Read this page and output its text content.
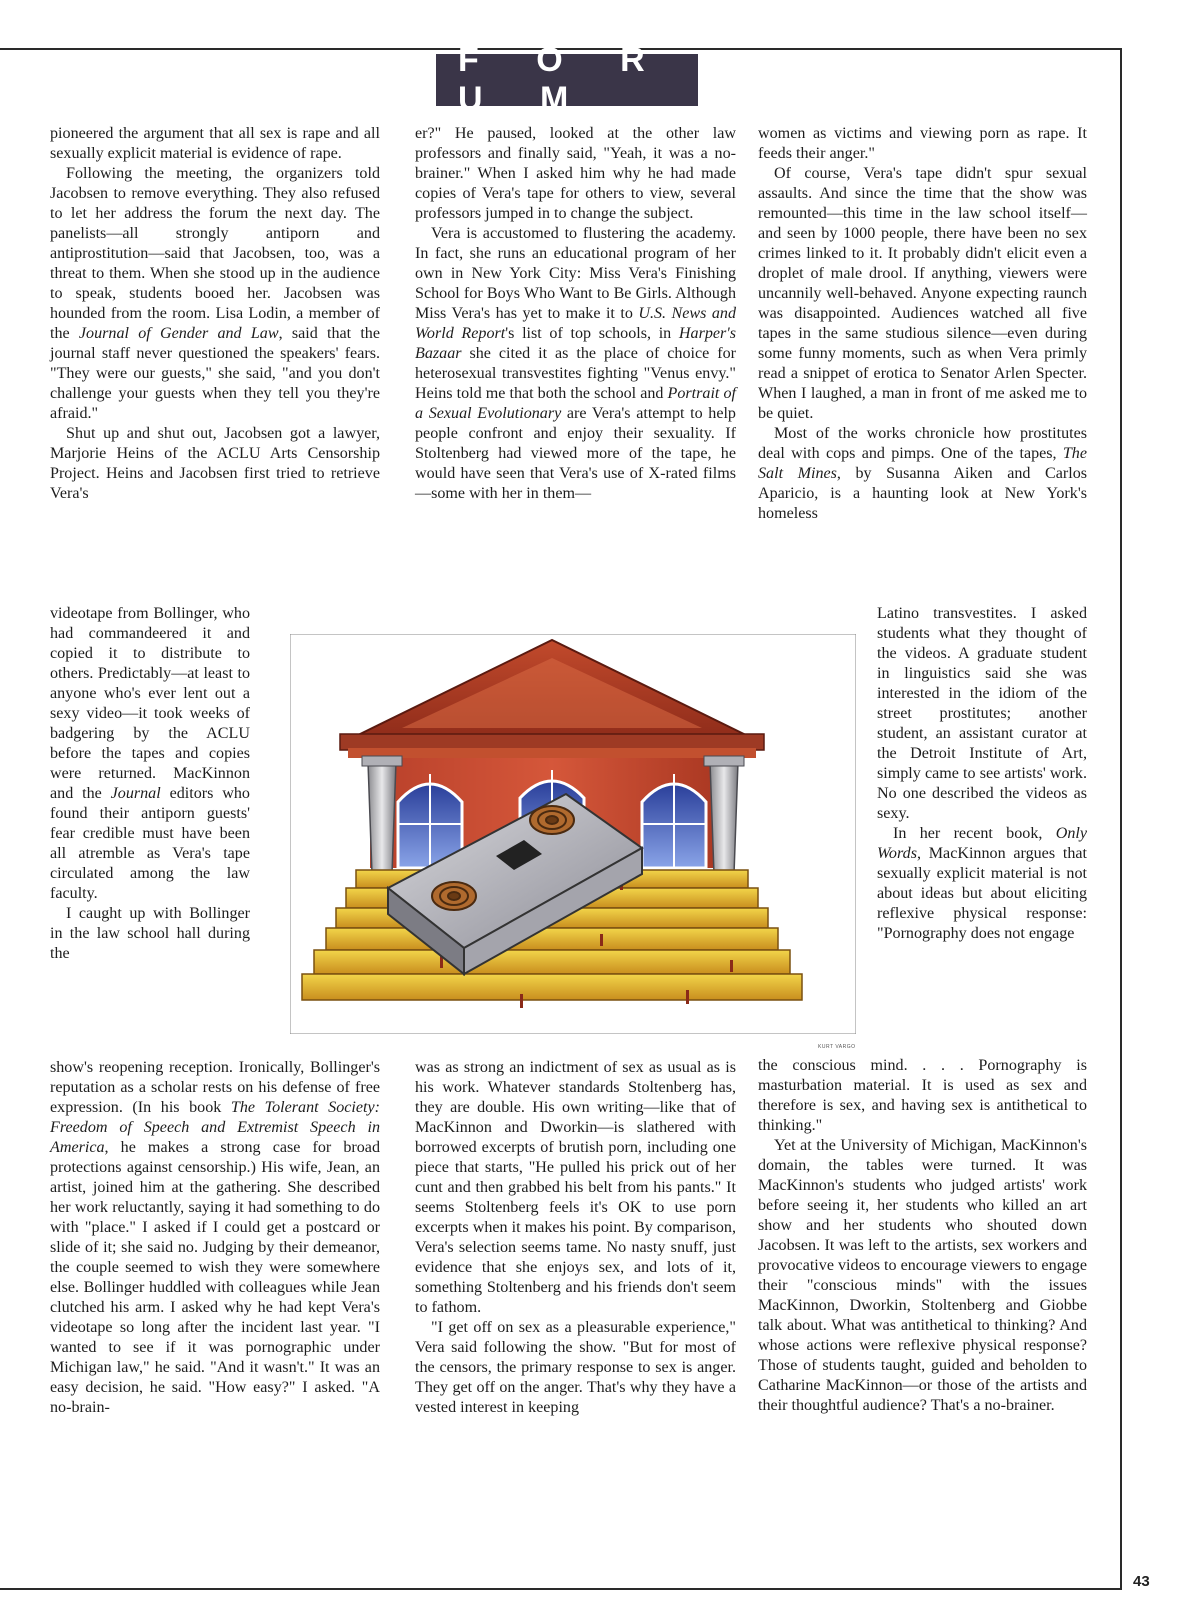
F O R U M

pioneered the argument that all sex is rape and all sexually explicit material is evidence of rape.

Following the meeting, the organizers told Jacobsen to remove everything. They also refused to let her address the forum the next day. The panelists—all strongly antiporn and antiprostitution—said that Jacobsen, too, was a threat to them. When she stood up in the audience to speak, students booed her. Jacobsen was hounded from the room. Lisa Lodin, a member of the Journal of Gender and Law, said that the journal staff never questioned the speakers' fears. "They were our guests," she said, "and you don't challenge your guests when they tell you they're afraid."

Shut up and shut out, Jacobsen got a lawyer, Marjorie Heins of the ACLU Arts Censorship Project. Heins and Jacobsen first tried to retrieve Vera's

videotape from Bollinger, who had commandeered it and copied it to distribute to others. Predictably—at least to anyone who's ever lent out a sexy video—it took weeks of badgering by the ACLU before the tapes and copies were returned. MacKinnon and the Journal editors who found their antiporn guests' fear credible must have been all atremble as Vera's tape circulated among the law faculty.

I caught up with Bollinger in the law school hall during the

show's reopening reception. Ironically, Bollinger's reputation as a scholar rests on his defense of free expression. (In his book The Tolerant Society: Freedom of Speech and Extremist Speech in America, he makes a strong case for broad protections against censorship.) His wife, Jean, an artist, joined him at the gathering. She described her work reluctantly, saying it had something to do with "place." I asked if I could get a postcard or slide of it; she said no. Judging by their demeanor, the couple seemed to wish they were somewhere else. Bollinger huddled with colleagues while Jean clutched his arm. I asked why he had kept Vera's videotape so long after the incident last year. "I wanted to see if it was pornographic under Michigan law," he said. "And it wasn't." It was an easy decision, he said. "How easy?" I asked. "A no-brain-

er?" He paused, looked at the other law professors and finally said, "Yeah, it was a no-brainer." When I asked him why he had made copies of Vera's tape for others to view, several professors jumped in to change the subject.

Vera is accustomed to flustering the academy. In fact, she runs an educational program of her own in New York City: Miss Vera's Finishing School for Boys Who Want to Be Girls. Although Miss Vera's has yet to make it to U.S. News and World Report's list of top schools, in Harper's Bazaar she cited it as the place of choice for heterosexual transvestites fighting "Venus envy." Heins told me that both the school and Portrait of a Sexual Evolutionary are Vera's attempt to help people confront and enjoy their sexuality. If Stoltenberg had viewed more of the tape, he would have seen that Vera's use of X-rated films—some with her in them—

was as strong an indictment of sex as usual as is his work. Whatever standards Stoltenberg has, they are double. His own writing—like that of MacKinnon and Dworkin—is slathered with borrowed excerpts of brutish porn, including one piece that starts, "He pulled his prick out of her cunt and then grabbed his belt from his pants." It seems Stoltenberg feels it's OK to use porn excerpts when it makes his point. By comparison, Vera's selection seems tame. No nasty snuff, just evidence that she enjoys sex, and lots of it, something Stoltenberg and his friends don't seem to fathom.

"I get off on sex as a pleasurable experience," Vera said following the show. "But for most of the censors, the primary response to sex is anger. They get off on the anger. That's why they have a vested interest in keeping

women as victims and viewing porn as rape. It feeds their anger."

Of course, Vera's tape didn't spur sexual assaults. And since the time that the show was remounted—this time in the law school itself—and seen by 1000 people, there have been no sex crimes linked to it. It probably didn't elicit even a droplet of male drool. If anything, viewers were uncannily well-behaved. Anyone expecting raunch was disappointed. Audiences watched all five tapes in the same studious silence—even during some funny moments, such as when Vera primly read a snippet of erotica to Senator Arlen Specter. When I laughed, a man in front of me asked me to be quiet.

Most of the works chronicle how prostitutes deal with cops and pimps. One of the tapes, The Salt Mines, by Susanna Aiken and Carlos Aparicio, is a haunting look at New York's homeless

Latino transvestites. I asked students what they thought of the videos. A graduate student in linguistics said she was interested in the idiom of the street prostitutes; another student, an assistant curator at the Detroit Institute of Art, simply came to see artists' work. No one described the videos as sexy.

In her recent book, Only Words, MacKinnon argues that sexually explicit material is not about ideas but about eliciting reflexive physical response: "Pornography does not engage

the conscious mind. . . . Pornography is masturbation material. It is used as sex and therefore is sex, and having sex is antithetical to thinking."

Yet at the University of Michigan, MacKinnon's domain, the tables were turned. It was MacKinnon's students who judged artists' work before seeing it, her students who killed an art show and her students who shouted down Jacobsen. It was left to the artists, sex workers and provocative videos to encourage viewers to engage their "conscious minds" with the issues MacKinnon, Dworkin, Stoltenberg and Giobbe talk about. What was antithetical to thinking? And whose actions were reflexive physical response? Those of students taught, guided and beholden to Catharine MacKinnon—or those of the artists and their thoughtful audience? That's a no-brainer.

KURT VARGO
43
